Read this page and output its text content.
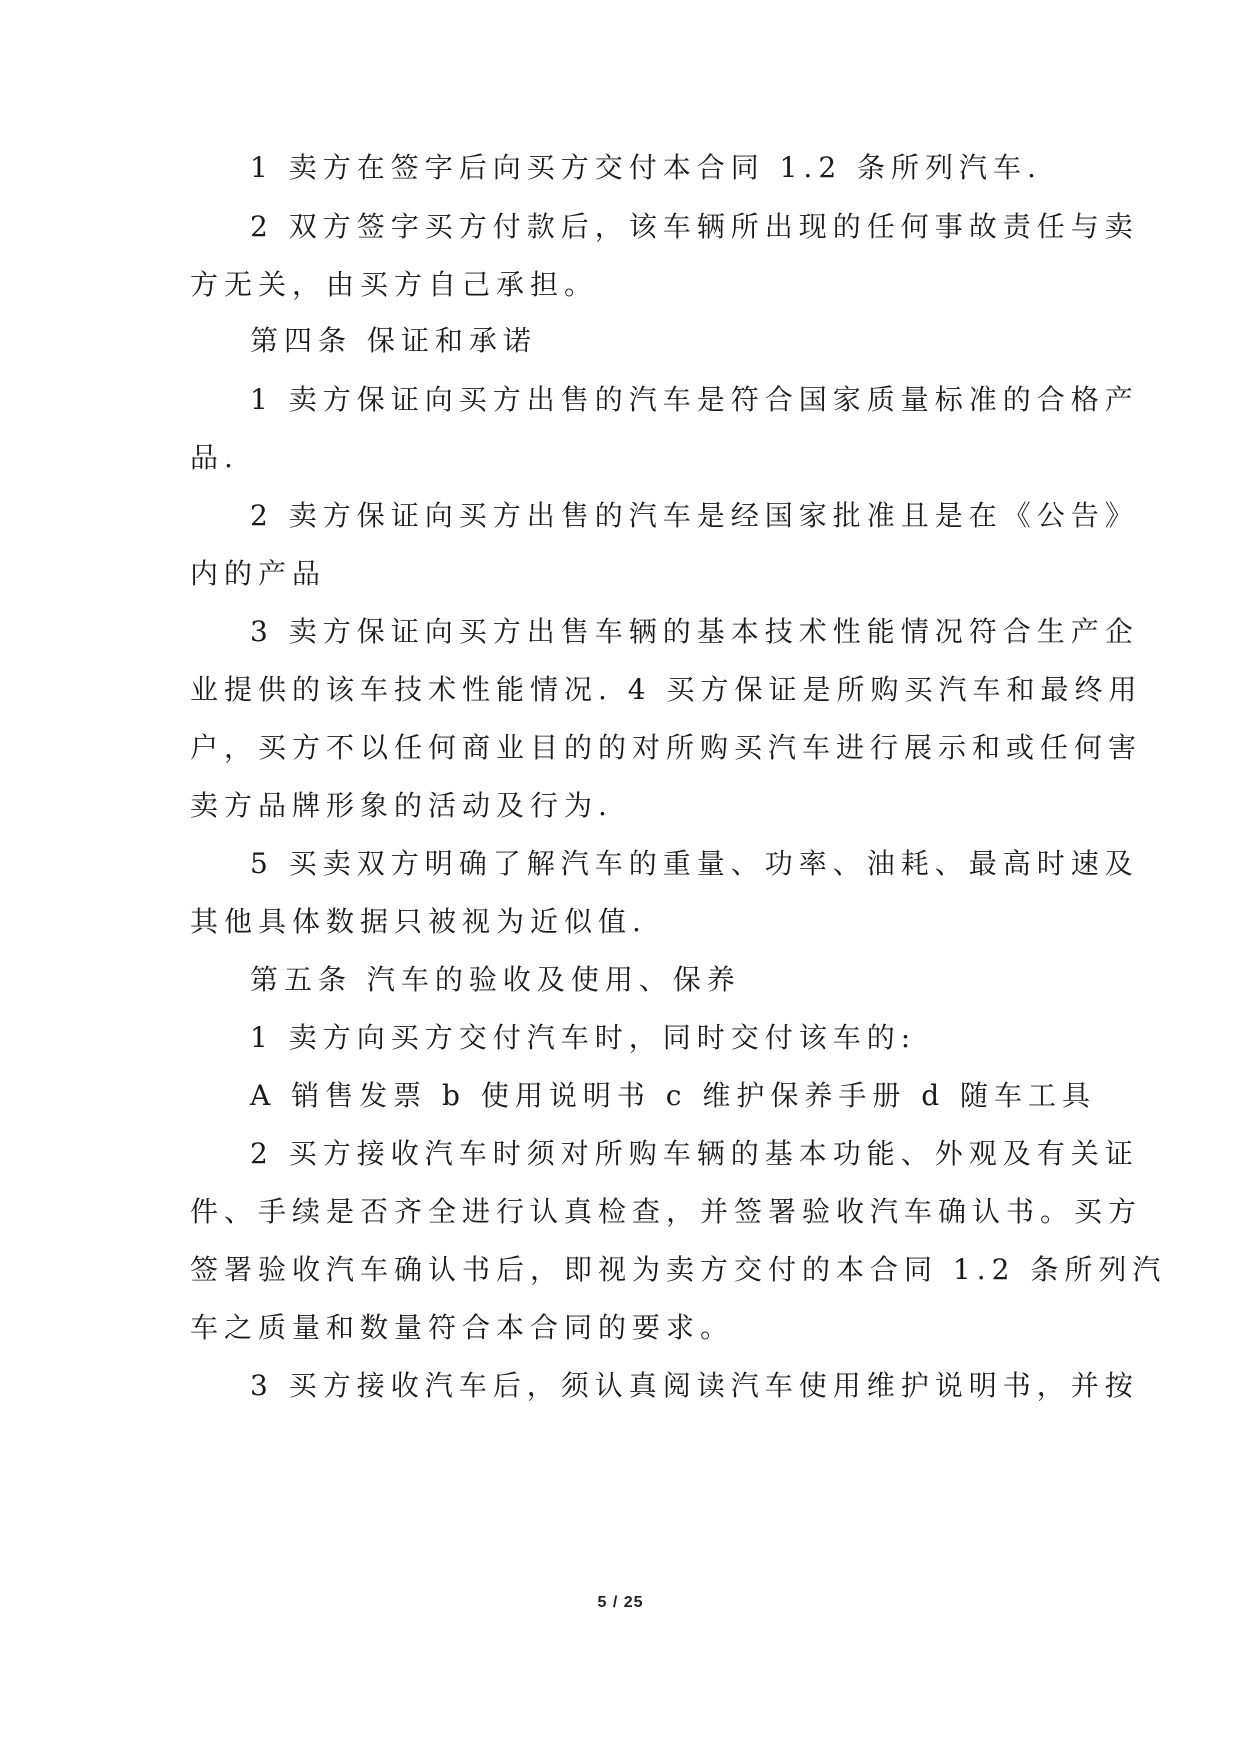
1 卖方在签字后向买方交付本合同 1.2 条所列汽车.
2 双方签字买方付款后，该车辆所出现的任何事故责任与卖
方无关，由买方自己承担。
第四条 保证和承诺
1 卖方保证向买方出售的汽车是符合国家质量标准的合格产
品.
2 卖方保证向买方出售的汽车是经国家批准且是在《公告》
内的产品
3 卖方保证向买方出售车辆的基本技术性能情况符合生产企
业提供的该车技术性能情况. 4 买方保证是所购买汽车和最终用
户，买方不以任何商业目的的对所购买汽车进行展示和或任何害
卖方品牌形象的活动及行为.
5 买卖双方明确了解汽车的重量、功率、油耗、最高时速及
其他具体数据只被视为近似值.
第五条 汽车的验收及使用、保养
1 卖方向买方交付汽车时，同时交付该车的:
A 销售发票 b 使用说明书 c 维护保养手册 d 随车工具
2 买方接收汽车时须对所购车辆的基本功能、外观及有关证
件、手续是否齐全进行认真检查，并签署验收汽车确认书。买方
签署验收汽车确认书后，即视为卖方交付的本合同 1.2 条所列汽
车之质量和数量符合本合同的要求。
3 买方接收汽车后，须认真阅读汽车使用维护说明书，并按
5 / 25
